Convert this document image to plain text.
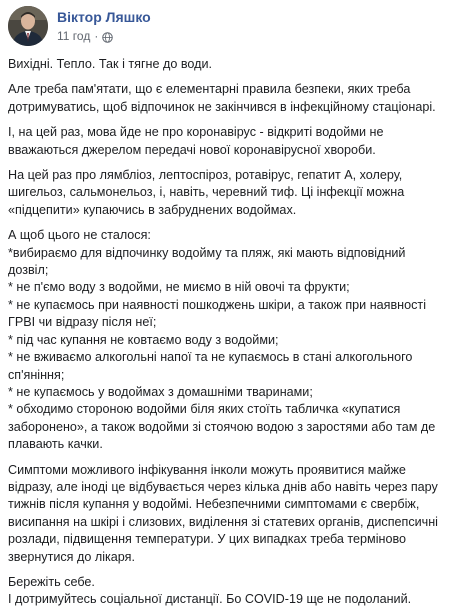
Віктор Ляшко
11 год ·

Вихідні. Тепло. Так і тягне до води.

Але треба пам'ятати, що є елементарні правила безпеки, яких треба
дотримуватись, щоб відпочинок не закінчився в інфекційному стаціонарі.

І, на цей раз, мова йде не про коронавірус - відкриті водойми не
вважаються джерелом передачі нової коронавірусної хвороби.

На цей раз про лямбліоз, лептоспіроз, ротавірус, гепатит А, холеру,
шигельоз, сальмонельоз, і, навіть, черевний тиф. Ці інфекції можна
«підцепити» купаючись в забруднених водоймах.

А щоб цього не сталося:
*вибираємо для відпочинку водойму та пляж, які мають відповідний
дозвіл;
* не п'ємо воду з водойми, не миємо в ній овочі та фрукти;
* не купаємось при наявності пошкоджень шкіри, а також при наявності
ГРВІ чи відразу після неї;
* під час купання не ковтаємо воду з водойми;
* не вживаємо алкогольні напої та не купаємось в стані алкогольного
сп'яніння;
* не купаємось у водоймах з домашніми тваринами;
* обходимо стороною водойми біля яких стоїть табличка «купатися
заборонено», а також водойми зі стоячою водою з заростями або там де
плавають качки.

Симптоми можливого інфікування інколи можуть проявитися майже
відразу, але іноді це відбувається через кілька днів або навіть через пару
тижнів після купання у водоймі. Небезпечними симптомами є свербіж,
висипання на шкірі і слизових, виділення зі статевих органів, диспепсичні
розлади, підвищення температури. У цих випадках треба терміново
звернутися до лікаря.

Бережіть себе.
І дотримуйтесь соціальної дистанції. Бо COVID-19 ще не подоланий.
